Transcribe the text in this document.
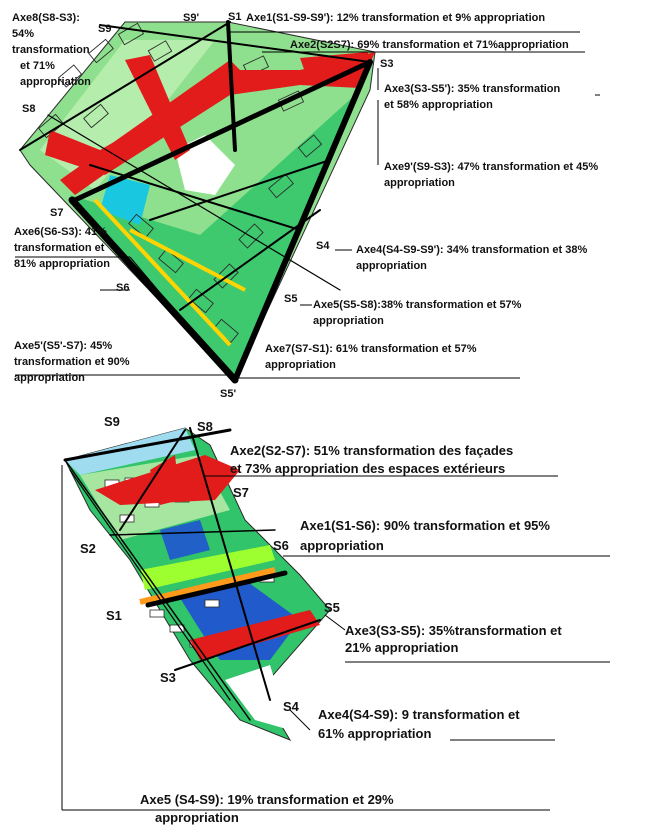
S9'	S1
S9
S8
S3
S7
S6
S4
S5
S5'
Axe8(S8-S3):
54%
transformation
et 71%
appropriation
Axe1(S1-S9-S9'): 12% transformation et 9% appropriation
Axe2(S2S7): 69% transformation et 71%appropriation
Axe3(S3-S5'): 35% transformation
et 58% appropriation
Axe9'(S9-S3): 47% transformation et 45%
appropriation
Axe6(S6-S3): 41%
transformation et
81% appropriation
Axe4(S4-S9-S9'): 34% transformation et 38%
appropriation
Axe5(S5-S8):38% transformation et 57%
appropriation
Axe5'(S5'-S7): 45%
transformation et 90%
appropriation
Axe7(S7-S1): 61% transformation et 57%
appropriation
S9	S8
S7
S2	S6
S1
S5
S3
S4
Axe2(S2-S7): 51% transformation des façades
et 73% appropriation des espaces extérieurs
Axe1(S1-S6): 90% transformation et 95%
appropriation
Axe3(S3-S5): 35%transformation et
21% appropriation
Axe4(S4-S9): 9 transformation et
61% appropriation
Axe5 (S4-S9): 19% transformation et 29%
appropriation
